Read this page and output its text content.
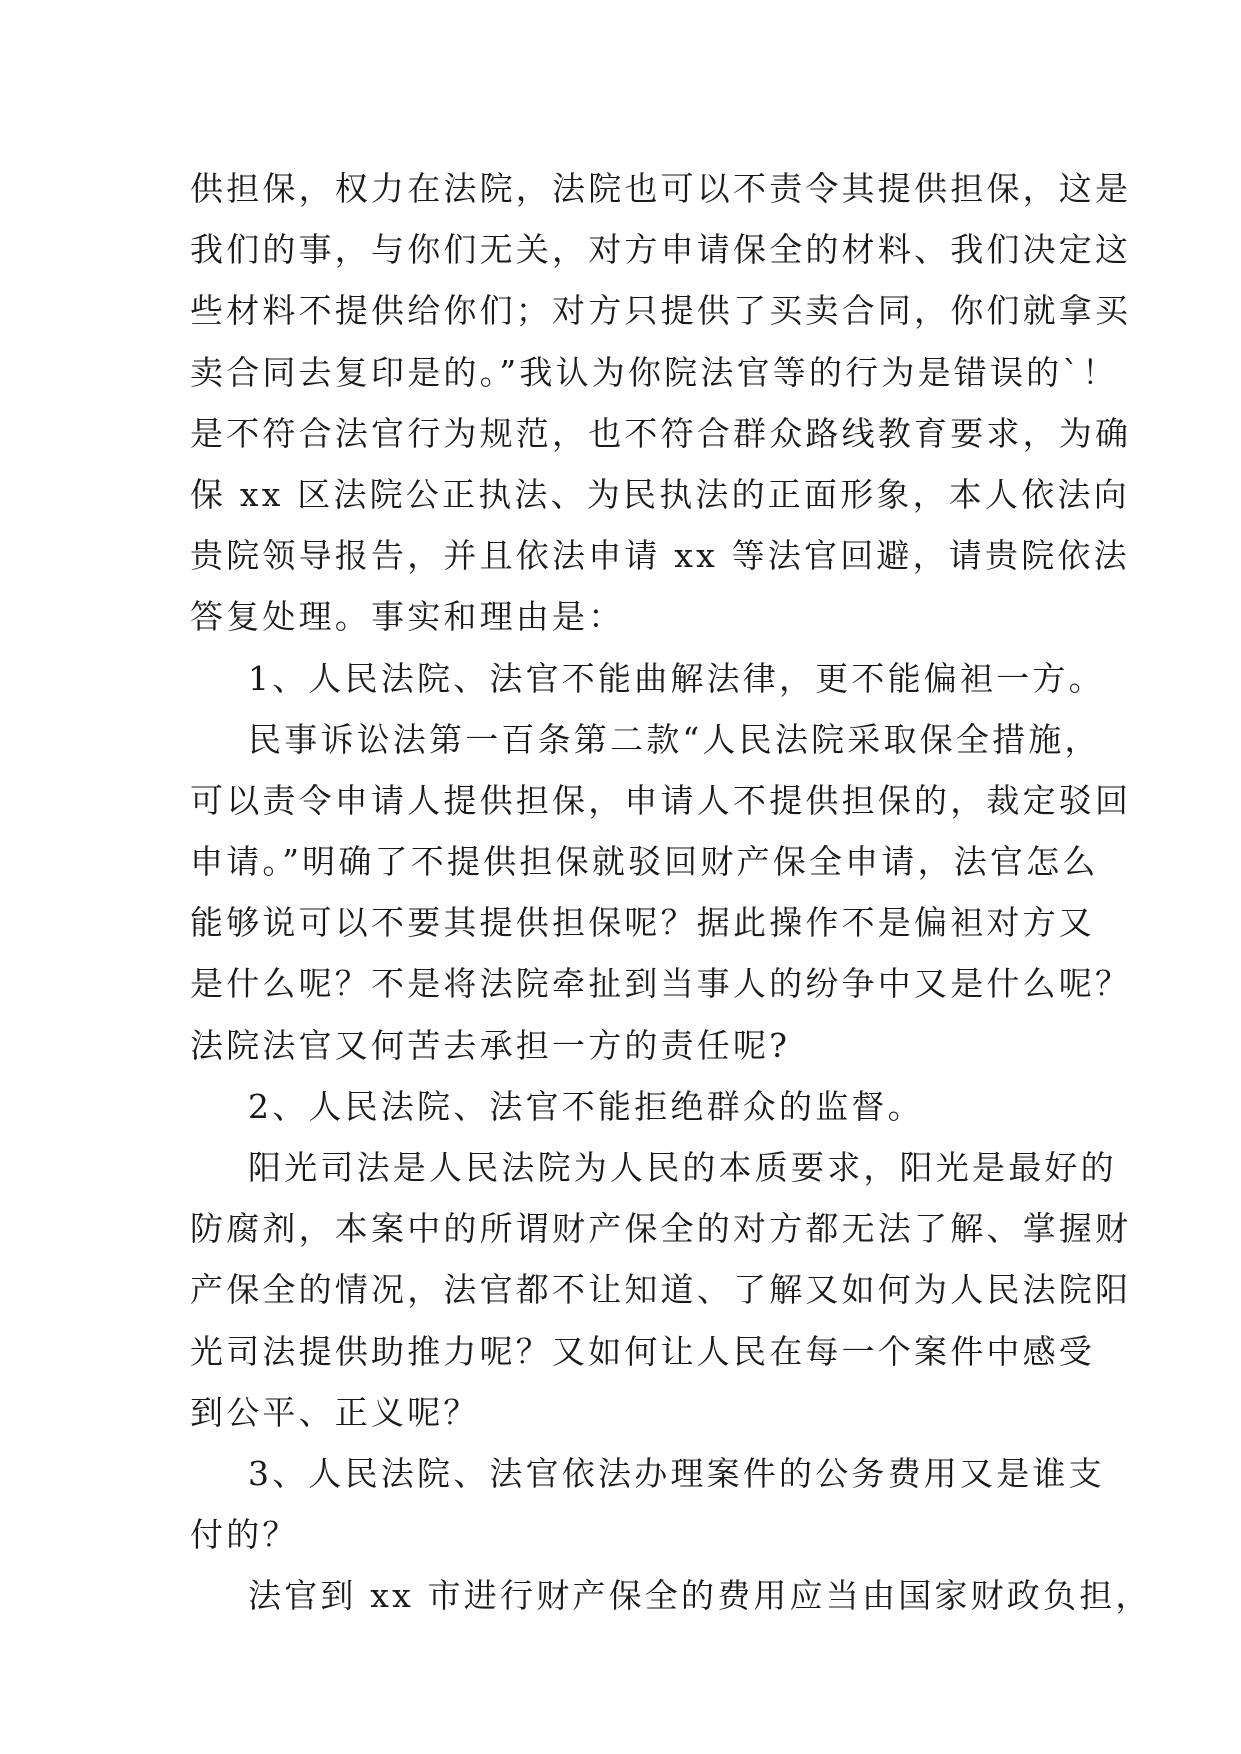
供担保，权力在法院，法院也可以不责令其提供担保，这是
我们的事，与你们无关，对方申请保全的材料、我们决定这
些材料不提供给你们；对方只提供了买卖合同，你们就拿买
卖合同去复印是的。”我认为你院法官等的行为是错误的`！
是不符合法官行为规范，也不符合群众路线教育要求，为确
保 xx 区法院公正执法、为民执法的正面形象，本人依法向
贵院领导报告，并且依法申请 xx 等法官回避，请贵院依法
答复处理。事实和理由是：
1、人民法院、法官不能曲解法律，更不能偏袒一方。
民事诉讼法第一百条第二款“人民法院采取保全措施，
可以责令申请人提供担保，申请人不提供担保的，裁定驳回
申请。”明确了不提供担保就驳回财产保全申请，法官怎么
能够说可以不要其提供担保呢？据此操作不是偏袒对方又
是什么呢？不是将法院牵扯到当事人的纷争中又是什么呢？
法院法官又何苦去承担一方的责任呢?
2、人民法院、法官不能拒绝群众的监督。
阳光司法是人民法院为人民的本质要求，阳光是最好的
防腐剂，本案中的所谓财产保全的对方都无法了解、掌握财
产保全的情况，法官都不让知道、了解又如何为人民法院阳
光司法提供助推力呢？又如何让人民在每一个案件中感受
到公平、正义呢？
3、人民法院、法官依法办理案件的公务费用又是谁支
付的？
法官到 xx 市进行财产保全的费用应当由国家财政负担，
